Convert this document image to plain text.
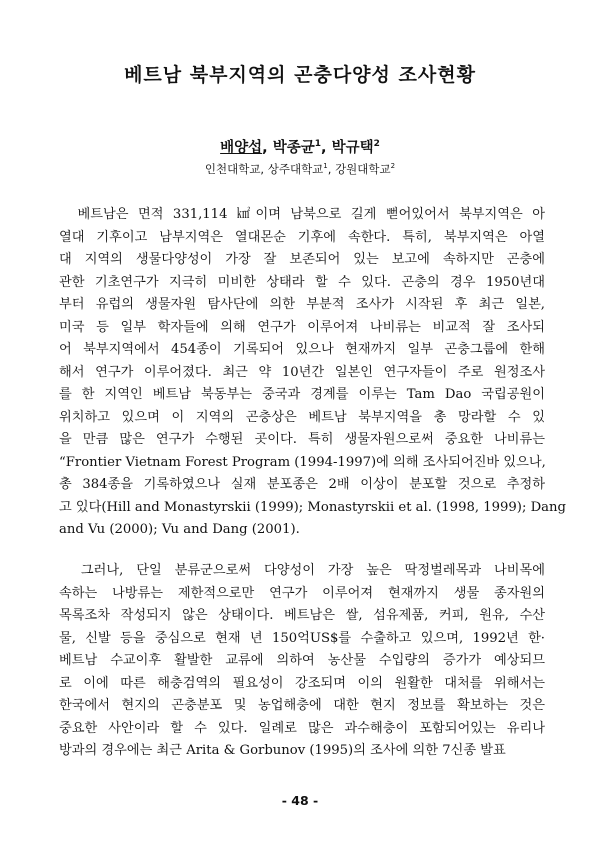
베트남 북부지역의 곤충다양성 조사현황
배양섭, 박종균$^1$, 박규택$^2$
인천대학교, 상주대학교$^1$, 강원대학교$^2$
　베트남은 면적 331,114 ㎢이며 남북으로 길게 뻗어있어서 북부지역은 아
열대 기후이고 남부지역은 열대몬순 기후에 속한다. 특히, 북부지역은 아열
대 지역의 생물다양성이 가장 잘 보존되어 있는 보고에 속하지만 곤충에
관한 기초연구가 지극히 미비한 상태라 할 수 있다. 곤충의 경우 1950년대
부터 유럽의 생물자원 탐사단에 의한 부분적 조사가 시작된 후 최근 일본,
미국 등 일부 학자들에 의해 연구가 이루어져 나비류는 비교적 잘 조사되
어 북부지역에서 454종이 기록되어 있으나 현재까지 일부 곤충그룹에 한해
해서 연구가 이루어졌다. 최근 약 10년간 일본인 연구자들이 주로 원정조사
를 한 지역인 베트남 북동부는 중국과 경계를 이루는 Tam Dao 국립공원이
위치하고 있으며 이 지역의 곤충상은 베트남 북부지역을 총 망라할 수 있
을 만큼 많은 연구가 수행된 곳이다. 특히 생물자원으로써 중요한 나비류는
“Frontier Vietnam Forest Program (1994-1997)에 의해 조사되어진바 있으나,
총 384종을 기록하였으나 실재 분포종은 2배 이상이 분포할 것으로 추정하
고 있다(Hill and Monastyrskii (1999); Monastyrskii et al. (1998, 1999); Dang
and Vu (2000); Vu and Dang (2001).
　그러나, 단일 분류군으로써 다양성이 가장 높은 딱정벌레목과 나비목에
속하는 나방류는 제한적으로만 연구가 이루어져 현재까지 생물 종자원의
목록조차 작성되지 않은 상태이다. 베트남은 쌀, 섬유제품, 커피, 원유, 수산
물, 신발 등을 중심으로 현재 년 150억US$를 수출하고 있으며, 1992년 한·
베트남 수교이후 활발한 교류에 의하여 농산물 수입량의 증가가 예상되므
로 이에 따른 해충검역의 필요성이 강조되며 이의 원활한 대처를 위해서는
한국에서 현지의 곤충분포 및 농업해충에 대한 현지 정보를 확보하는 것은
중요한 사안이라 할 수 있다. 일례로 많은 과수해충이 포함되어있는 유리나
방과의 경우에는 최근 Arita & Gorbunov (1995)의 조사에 의한 7신종 발표
- 48 -
